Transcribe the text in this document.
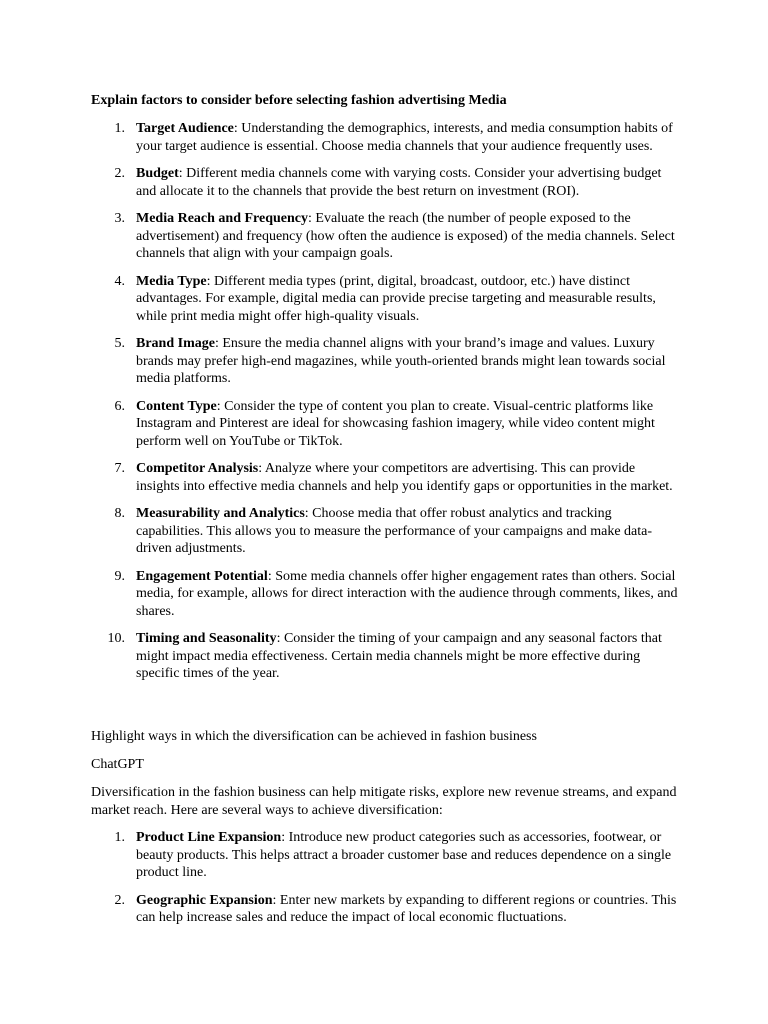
Explain factors to consider before selecting fashion advertising Media

1. Target Audience: Understanding the demographics, interests, and media consumption habits of your target audience is essential. Choose media channels that your audience frequently uses.
2. Budget: Different media channels come with varying costs. Consider your advertising budget and allocate it to the channels that provide the best return on investment (ROI).
3. Media Reach and Frequency: Evaluate the reach (the number of people exposed to the advertisement) and frequency (how often the audience is exposed) of the media channels. Select channels that align with your campaign goals.
4. Media Type: Different media types (print, digital, broadcast, outdoor, etc.) have distinct advantages. For example, digital media can provide precise targeting and measurable results, while print media might offer high-quality visuals.
5. Brand Image: Ensure the media channel aligns with your brand’s image and values. Luxury brands may prefer high-end magazines, while youth-oriented brands might lean towards social media platforms.
6. Content Type: Consider the type of content you plan to create. Visual-centric platforms like Instagram and Pinterest are ideal for showcasing fashion imagery, while video content might perform well on YouTube or TikTok.
7. Competitor Analysis: Analyze where your competitors are advertising. This can provide insights into effective media channels and help you identify gaps or opportunities in the market.
8. Measurability and Analytics: Choose media that offer robust analytics and tracking capabilities. This allows you to measure the performance of your campaigns and make data-driven adjustments.
9. Engagement Potential: Some media channels offer higher engagement rates than others. Social media, for example, allows for direct interaction with the audience through comments, likes, and shares.
10. Timing and Seasonality: Consider the timing of your campaign and any seasonal factors that might impact media effectiveness. Certain media channels might be more effective during specific times of the year.

Highlight ways in which the diversification can be achieved in fashion business

ChatGPT

Diversification in the fashion business can help mitigate risks, explore new revenue streams, and expand market reach. Here are several ways to achieve diversification:

1. Product Line Expansion: Introduce new product categories such as accessories, footwear, or beauty products. This helps attract a broader customer base and reduces dependence on a single product line.
2. Geographic Expansion: Enter new markets by expanding to different regions or countries. This can help increase sales and reduce the impact of local economic fluctuations.
